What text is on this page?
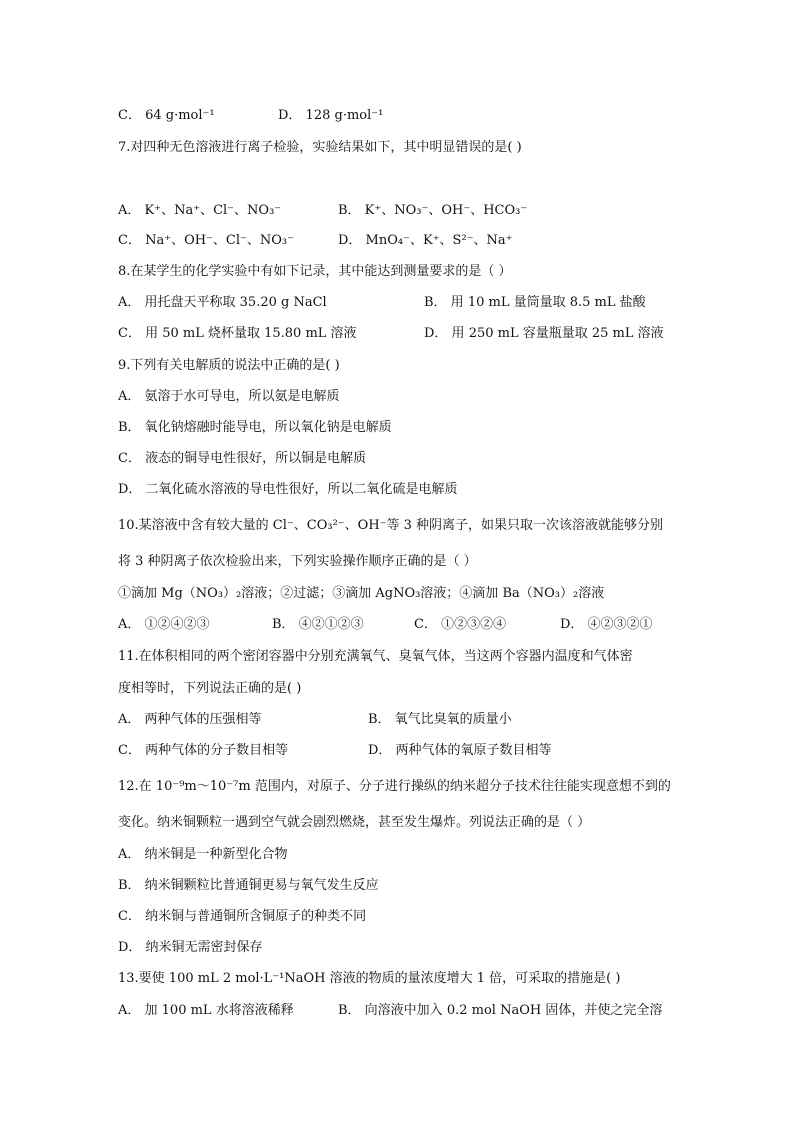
C． 64 g·mol⁻¹	D． 128 g·mol⁻¹
7.对四种无色溶液进行离子检验，实验结果如下，其中明显错误的是( )
A． K⁺、Na⁺、Cl⁻、NO₃⁻	B． K⁺、NO₃⁻、OH⁻、HCO₃⁻
C． Na⁺、OH⁻、Cl⁻、NO₃⁻	D． MnO₄⁻、K⁺、S²⁻、Na⁺
8.在某学生的化学实验中有如下记录，其中能达到测量要求的是（ ）
A． 用托盘天平称取 35.20 g NaCl	B． 用 10 mL 量筒量取 8.5 mL 盐酸
C． 用 50 mL 烧杯量取 15.80 mL 溶液	D． 用 250 mL 容量瓶量取 25 mL 溶液
9.下列有关电解质的说法中正确的是( )
A． 氨溶于水可导电，所以氨是电解质
B． 氧化钠熔融时能导电，所以氧化钠是电解质
C． 液态的铜导电性很好，所以铜是电解质
D． 二氧化硫水溶液的导电性很好，所以二氧化硫是电解质
10.某溶液中含有较大量的 Cl⁻、CO₃²⁻、OH⁻等 3 种阴离子，如果只取一次该溶液就能够分别
将 3 种阴离子依次检验出来，下列实验操作顺序正确的是（ ）
①滴加 Mg（NO₃）₂溶液；②过滤；③滴加 AgNO₃溶液；④滴加 Ba（NO₃）₂溶液
A． ①②④②③	B． ④②①②③	C． ①②③②④	D． ④②③②①
11.在体积相同的两个密闭容器中分别充满氧气、臭氧气体，当这两个容器内温度和气体密
度相等时，下列说法正确的是( )
A． 两种气体的压强相等	B． 氧气比臭氧的质量小
C． 两种气体的分子数目相等	D． 两种气体的氧原子数目相等
12.在 10⁻⁹m～10⁻⁷m 范围内，对原子、分子进行操纵的纳米超分子技术往往能实现意想不到的
变化。纳米铜颗粒一遇到空气就会剧烈燃烧，甚至发生爆炸。列说法正确的是（ ）
A． 纳米铜是一种新型化合物
B． 纳米铜颗粒比普通铜更易与氧气发生反应
C． 纳米铜与普通铜所含铜原子的种类不同
D． 纳米铜无需密封保存
13.要使 100 mL 2 mol·L⁻¹NaOH 溶液的物质的量浓度增大 1 倍，可采取的措施是( )
A． 加 100 mL 水将溶液稀释	B． 向溶液中加入 0.2 mol NaOH 固体，并使之完全溶
